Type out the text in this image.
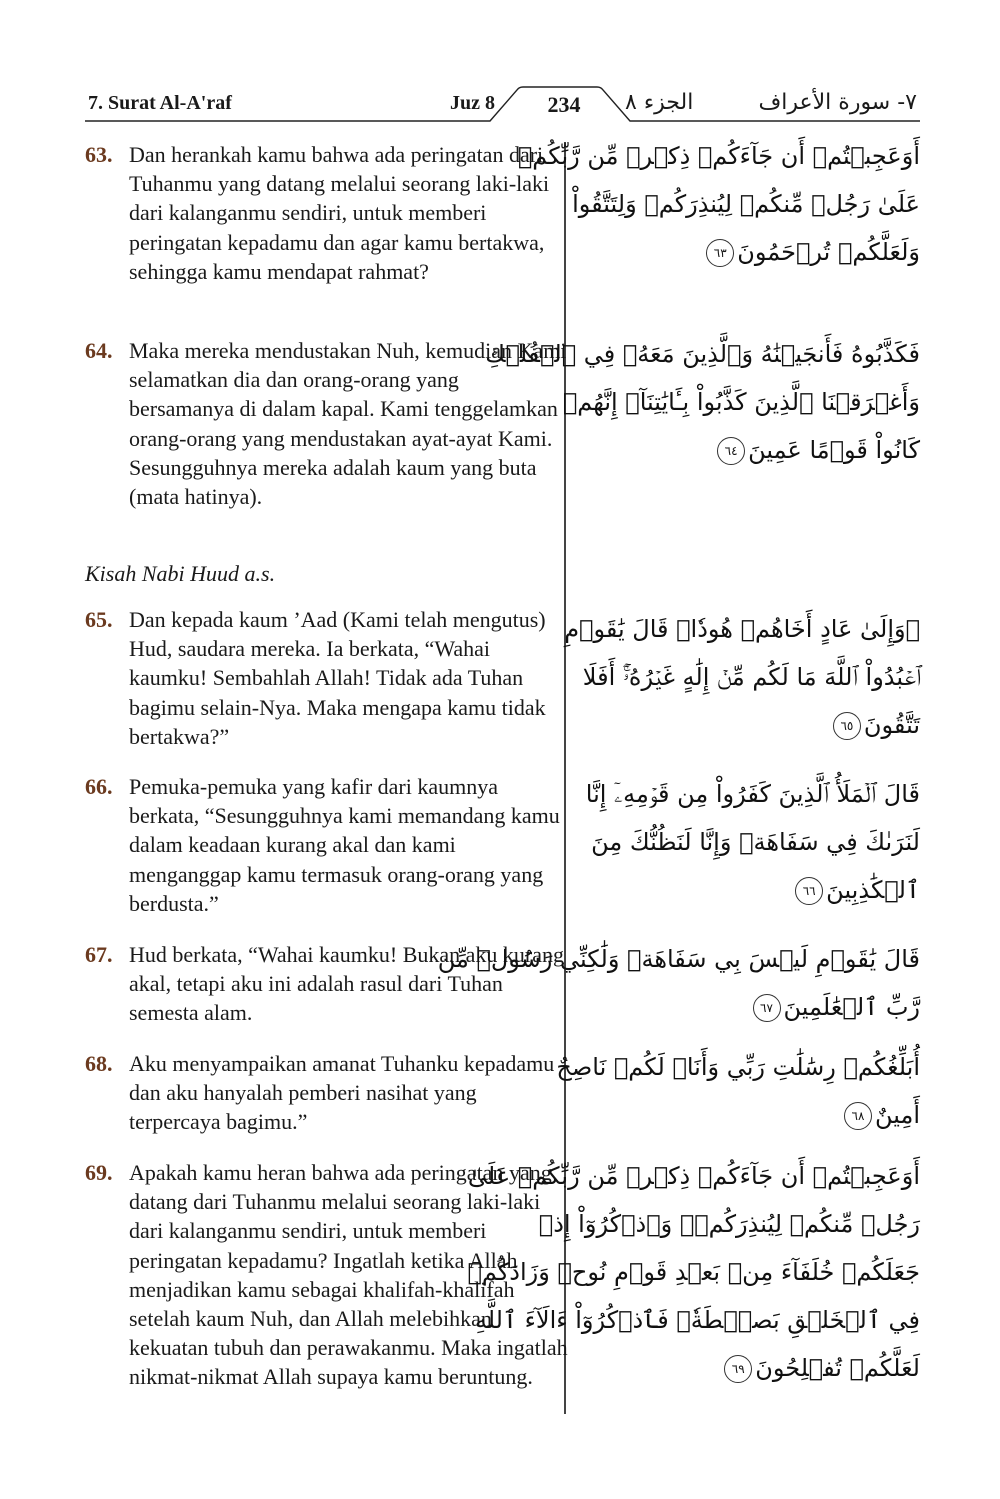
7. Surat Al-A'raf	Juz 8	234	الجزء ٨	٧- سورة الأعراف
63. Dan herankah kamu bahwa ada peringatan dari Tuhanmu yang datang melalui seorang laki-laki dari kalanganmu sendiri, untuk memberi peringatan kepadamu dan agar kamu bertakwa, sehingga kamu mendapat rahmat?
أَوَعَجِبۡتُمۡ أَن جَآءَكُمۡ ذِكۡرٞ مِّن رَّبِّكُمۡ
عَلَىٰ رَجُلٖ مِّنكُمۡ لِيُنذِرَكُمۡ وَلِتَتَّقُواْ
وَلَعَلَّكُمۡ تُرۡحَمُونَ٦٣
64. Maka mereka mendustakan Nuh, kemudian Kami selamatkan dia dan orang-orang yang bersamanya di dalam kapal. Kami tenggelamkan orang-orang yang mendustakan ayat-ayat Kami. Sesungguhnya mereka adalah kaum yang buta (mata hatinya).
فَكَذَّبُوهُ فَأَنجَيۡنَٰهُ وَٱلَّذِينَ مَعَهُۥ فِي ٱلۡفُلۡكِ
وَأَغۡرَقۡنَا ٱلَّذِينَ كَذَّبُواْ بِـَٔايَٰتِنَآۚ إِنَّهُمۡ
كَانُواْ قَوۡمًا عَمِينَ٦٤
Kisah Nabi Huud a.s.
65. Dan kepada kaum ’Aad (Kami telah mengutus) Hud, saudara mereka. Ia berkata, “Wahai kaumku! Sembahlah Allah! Tidak ada Tuhan bagimu selain-Nya. Maka mengapa kamu tidak bertakwa?”
۞وَإِلَىٰ عَادٍ أَخَاهُمۡ هُودٗاۚ قَالَ يَٰقَوۡمِ
ٱعۡبُدُواْ ٱللَّهَ مَا لَكُم مِّنۡ إِلَٰهٍ غَيۡرُهُۥٓۚ أَفَلَا
تَتَّقُونَ٦٥
66. Pemuka-pemuka yang kafir dari kaumnya berkata, “Sesungguhnya kami memandang kamu dalam keadaan kurang akal dan kami menganggap kamu termasuk orang-orang yang berdusta.”
قَالَ ٱلۡمَلَأُ ٱلَّذِينَ كَفَرُواْ مِن قَوۡمِهِۦٓ إِنَّا
لَنَرَىٰكَ فِي سَفَاهَةٖ وَإِنَّا لَنَظُنُّكَ مِنَ
ٱلۡكَٰذِبِينَ٦٦
67. Hud berkata, “Wahai kaumku! Bukan aku kurang akal, tetapi aku ini adalah rasul dari Tuhan semesta alam.
قَالَ يَٰقَوۡمِ لَيۡسَ بِي سَفَاهَةٞ وَلَٰكِنِّي رَسُولٞ مِّن
رَّبِّ ٱلۡعَٰلَمِينَ٦٧
68. Aku menyampaikan amanat Tuhanku kepadamu dan aku hanyalah pemberi nasihat yang terpercaya bagimu.”
أُبَلِّغُكُمۡ رِسَٰلَٰتِ رَبِّي وَأَنَا۠ لَكُمۡ نَاصِحٌ
أَمِينٌ٦٨
69. Apakah kamu heran bahwa ada peringatan yang datang dari Tuhanmu melalui seorang laki-laki dari kalanganmu sendiri, untuk memberi peringatan kepadamu? Ingatlah ketika Allah menjadikan kamu sebagai khalifah-khalifah setelah kaum Nuh, dan Allah melebihkan kekuatan tubuh dan perawakanmu. Maka ingatlah nikmat-nikmat Allah supaya kamu beruntung.
أَوَعَجِبۡتُمۡ أَن جَآءَكُمۡ ذِكۡرٞ مِّن رَّبِّكُمۡ عَلَىٰ
رَجُلٖ مِّنكُمۡ لِيُنذِرَكُمۡۚ وَٱذۡكُرُوٓاْ إِذۡ
جَعَلَكُمۡ خُلَفَآءَ مِنۢ بَعۡدِ قَوۡمِ نُوحٖ وَزَادَكُمۡ
فِي ٱلۡخَلۡقِ بَصۜۡطَةٗۖ فَٱذۡكُرُوٓاْ ءَالَآءَ ٱللَّهِ
لَعَلَّكُمۡ تُفۡلِحُونَ٦٩
